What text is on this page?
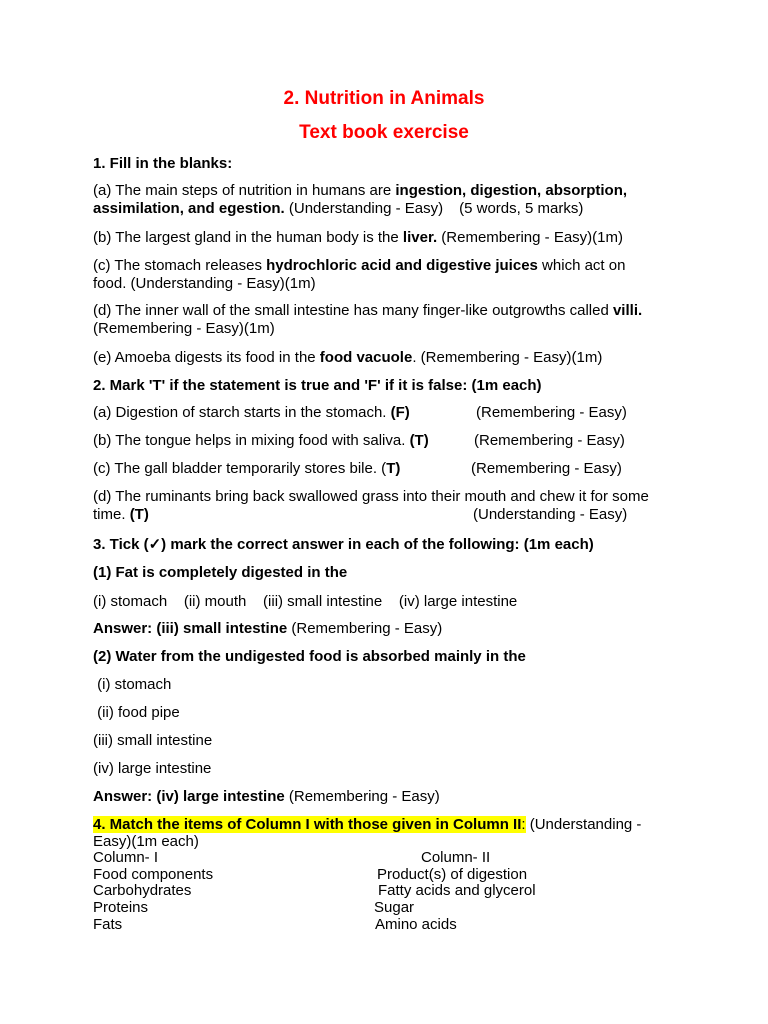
2. Nutrition in Animals
Text book exercise
1. Fill in the blanks:
(a) The main steps of nutrition in humans are ingestion, digestion, absorption,
assimilation, and egestion. (Understanding - Easy) (5 words, 5 marks)
(b) The largest gland in the human body is the liver. (Remembering - Easy)(1m)
(c) The stomach releases hydrochloric acid and digestive juices which act on
food. (Understanding - Easy)(1m)
(d) The inner wall of the small intestine has many finger-like outgrowths called villi.
(Remembering - Easy)(1m)
(e) Amoeba digests its food in the food vacuole. (Remembering - Easy)(1m)
2. Mark 'T' if the statement is true and 'F' if it is false: (1m each)
(a) Digestion of starch starts in the stomach. (F)	(Remembering - Easy)
(b) The tongue helps in mixing food with saliva. (T)	(Remembering - Easy)
(c) The gall bladder temporarily stores bile. (T)	(Remembering - Easy)
(d) The ruminants bring back swallowed grass into their mouth and chew it for some
time. (T)	(Understanding - Easy)
3. Tick (✓) mark the correct answer in each of the following: (1m each)
(1) Fat is completely digested in the
(i) stomach    (ii) mouth    (iii) small intestine    (iv) large intestine
Answer: (iii) small intestine (Remembering - Easy)
(2) Water from the undigested food is absorbed mainly in the
(i) stomach
(ii) food pipe
(iii) small intestine
(iv) large intestine
Answer: (iv) large intestine (Remembering - Easy)
4. Match the items of Column I with those given in Column II: (Understanding -
Easy)(1m each)
Column- I	Column- II
Food components	Product(s) of digestion
Carbohydrates	Fatty acids and glycerol
Proteins	Sugar
Fats	Amino acids
